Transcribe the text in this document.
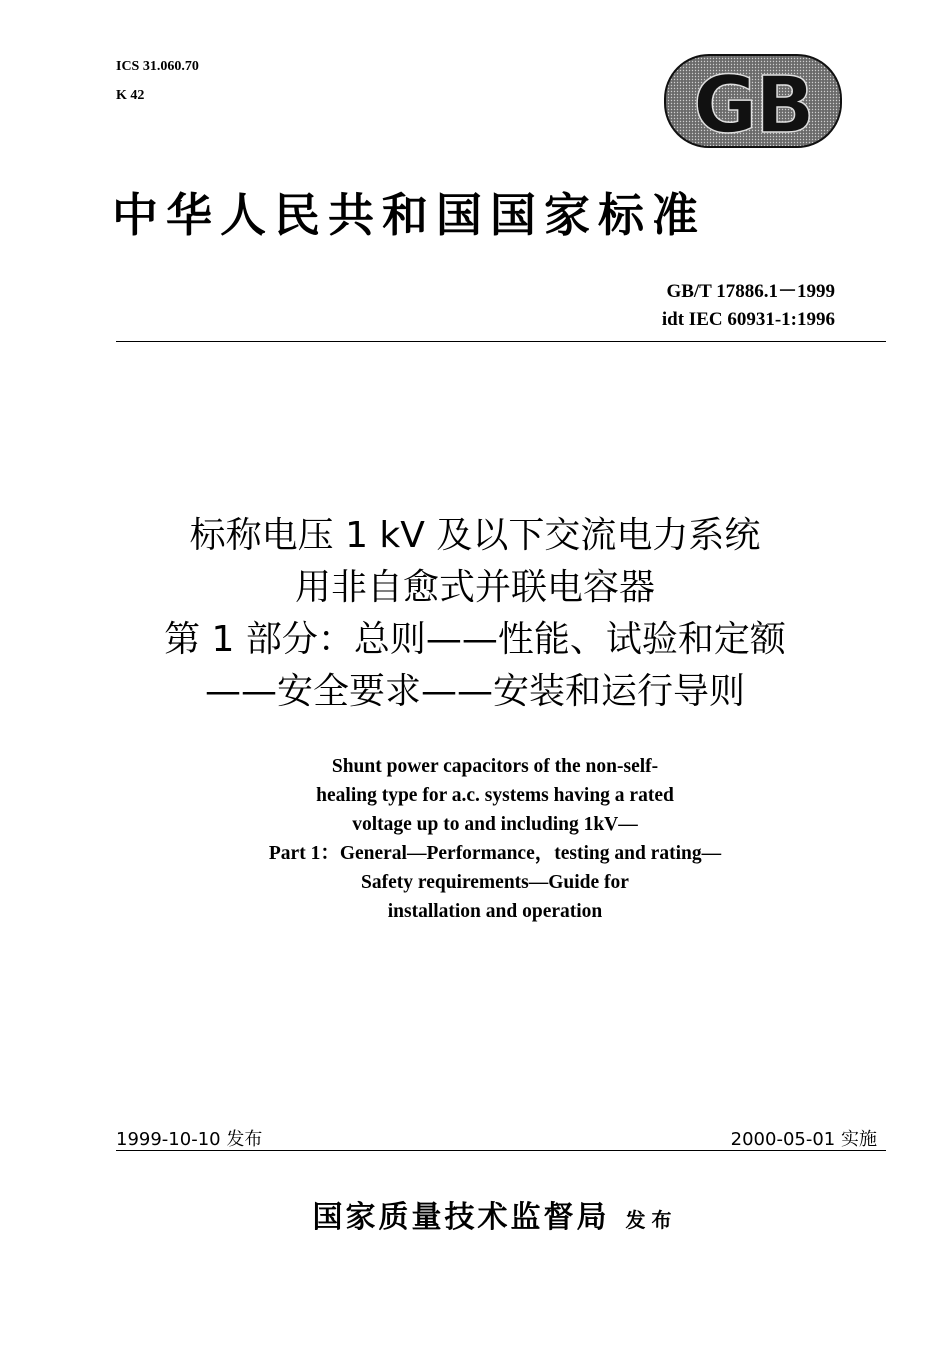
ICS 31.060.70
K 42	GB
中华人民共和国国家标准
GB/T 17886.1－1999
idt IEC 60931-1:1996
标称电压 1 kV 及以下交流电力系统
用非自愈式并联电容器
第 1 部分：总则——性能、试验和定额
——安全要求——安装和运行导则
Shunt power capacitors of the non-self-
healing type for a.c. systems having a rated
voltage up to and including 1kV—
Part 1：General—Performance，testing and rating—
Safety requirements—Guide for
installation and operation
1999-10-10 发布	2000-05-01 实施
国家质量技术监督局 发布
